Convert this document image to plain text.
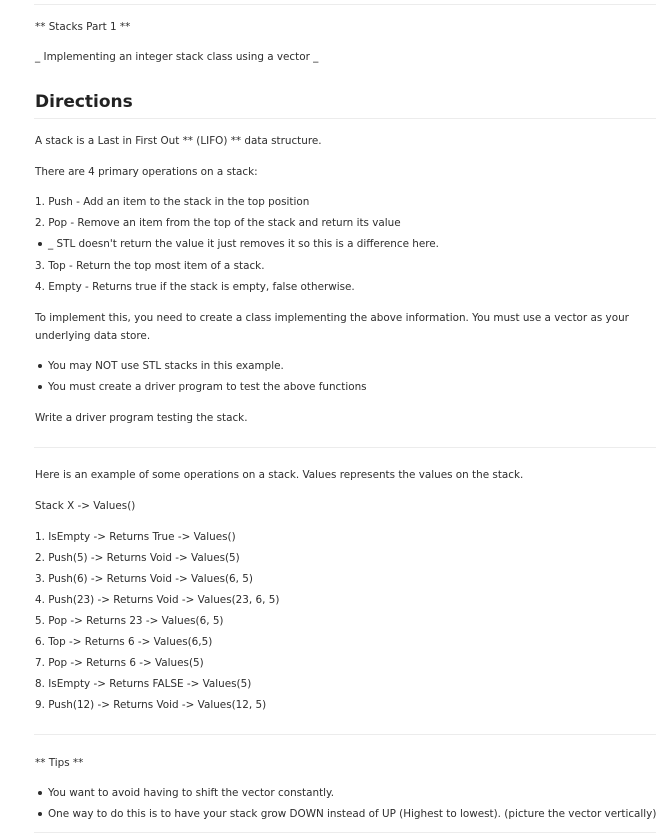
** Stacks Part 1 **
_ Implementing an integer stack class using a vector _
Directions
A stack is a Last in First Out ** (LIFO) ** data structure.
There are 4 primary operations on a stack:
1. Push - Add an item to the stack in the top position
2. Pop - Remove an item from the top of the stack and return its value
_ STL doesn't return the value it just removes it so this is a difference here.
3. Top - Return the top most item of a stack.
4. Empty - Returns true if the stack is empty, false otherwise.
To implement this, you need to create a class implementing the above information. You must use a vector as your
underlying data store.
You may NOT use STL stacks in this example.
You must create a driver program to test the above functions
Write a driver program testing the stack.
Here is an example of some operations on a stack. Values represents the values on the stack.
Stack X -> Values()
1. IsEmpty -> Returns True -> Values()
2. Push(5) -> Returns Void -> Values(5)
3. Push(6) -> Returns Void -> Values(6, 5)
4. Push(23) -> Returns Void -> Values(23, 6, 5)
5. Pop -> Returns 23 -> Values(6, 5)
6. Top -> Returns 6 -> Values(6,5)
7. Pop -> Returns 6 -> Values(5)
8. IsEmpty -> Returns FALSE -> Values(5)
9. Push(12) -> Returns Void -> Values(12, 5)
** Tips **
You want to avoid having to shift the vector constantly.
One way to do this is to have your stack grow DOWN instead of UP (Highest to lowest). (picture the vector vertically)
